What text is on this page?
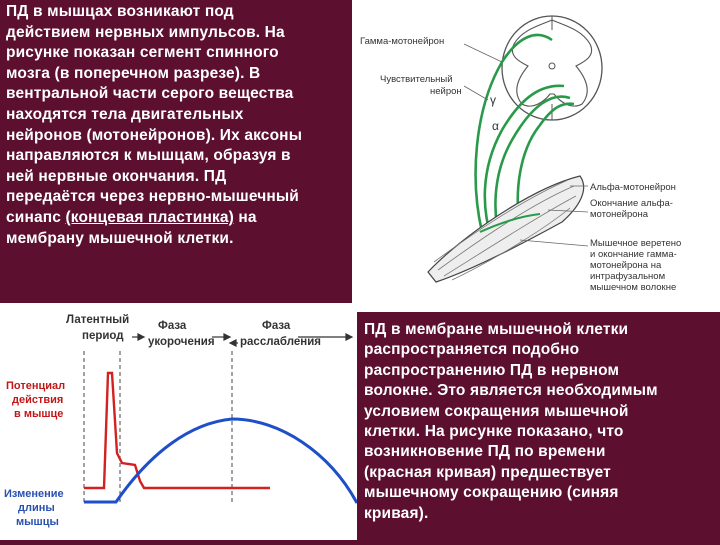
ПД в мышцах возникают под
действием нервных импульсов. На
рисунке показан сегмент спинного
мозга (в поперечном разрезе). В
вентральной части серого вещества
находятся тела двигательных
нейронов (мотонейронов). Их аксоны
направляются к мышцам, образуя в
ней нервные окончания. ПД
передаётся через нервно-мышечный
синапс (концевая пластинка) на
мембрану мышечной клетки.
Гамма-мотонейрон
Чувствительный
нейрон
γ
α
Альфа-мотонейрон
Окончание альфа-
мотонейрона
Мышечное веретено
и окончание гамма-
мотонейрона на
интрафузальном
мышечном волокне
Латентный
период
Фаза
укорочения
Фаза
расслабления
Потенциал
действия
в мышце
Изменение
длины
мышцы
ПД в мембране мышечной клетки
распространяется подобно
распространению ПД в нервном
волокне. Это является необходимым
условием сокращения мышечной
клетки. На рисунке показано, что
возникновение ПД по времени
(красная кривая) предшествует
мышечному сокращению (синяя
кривая).
